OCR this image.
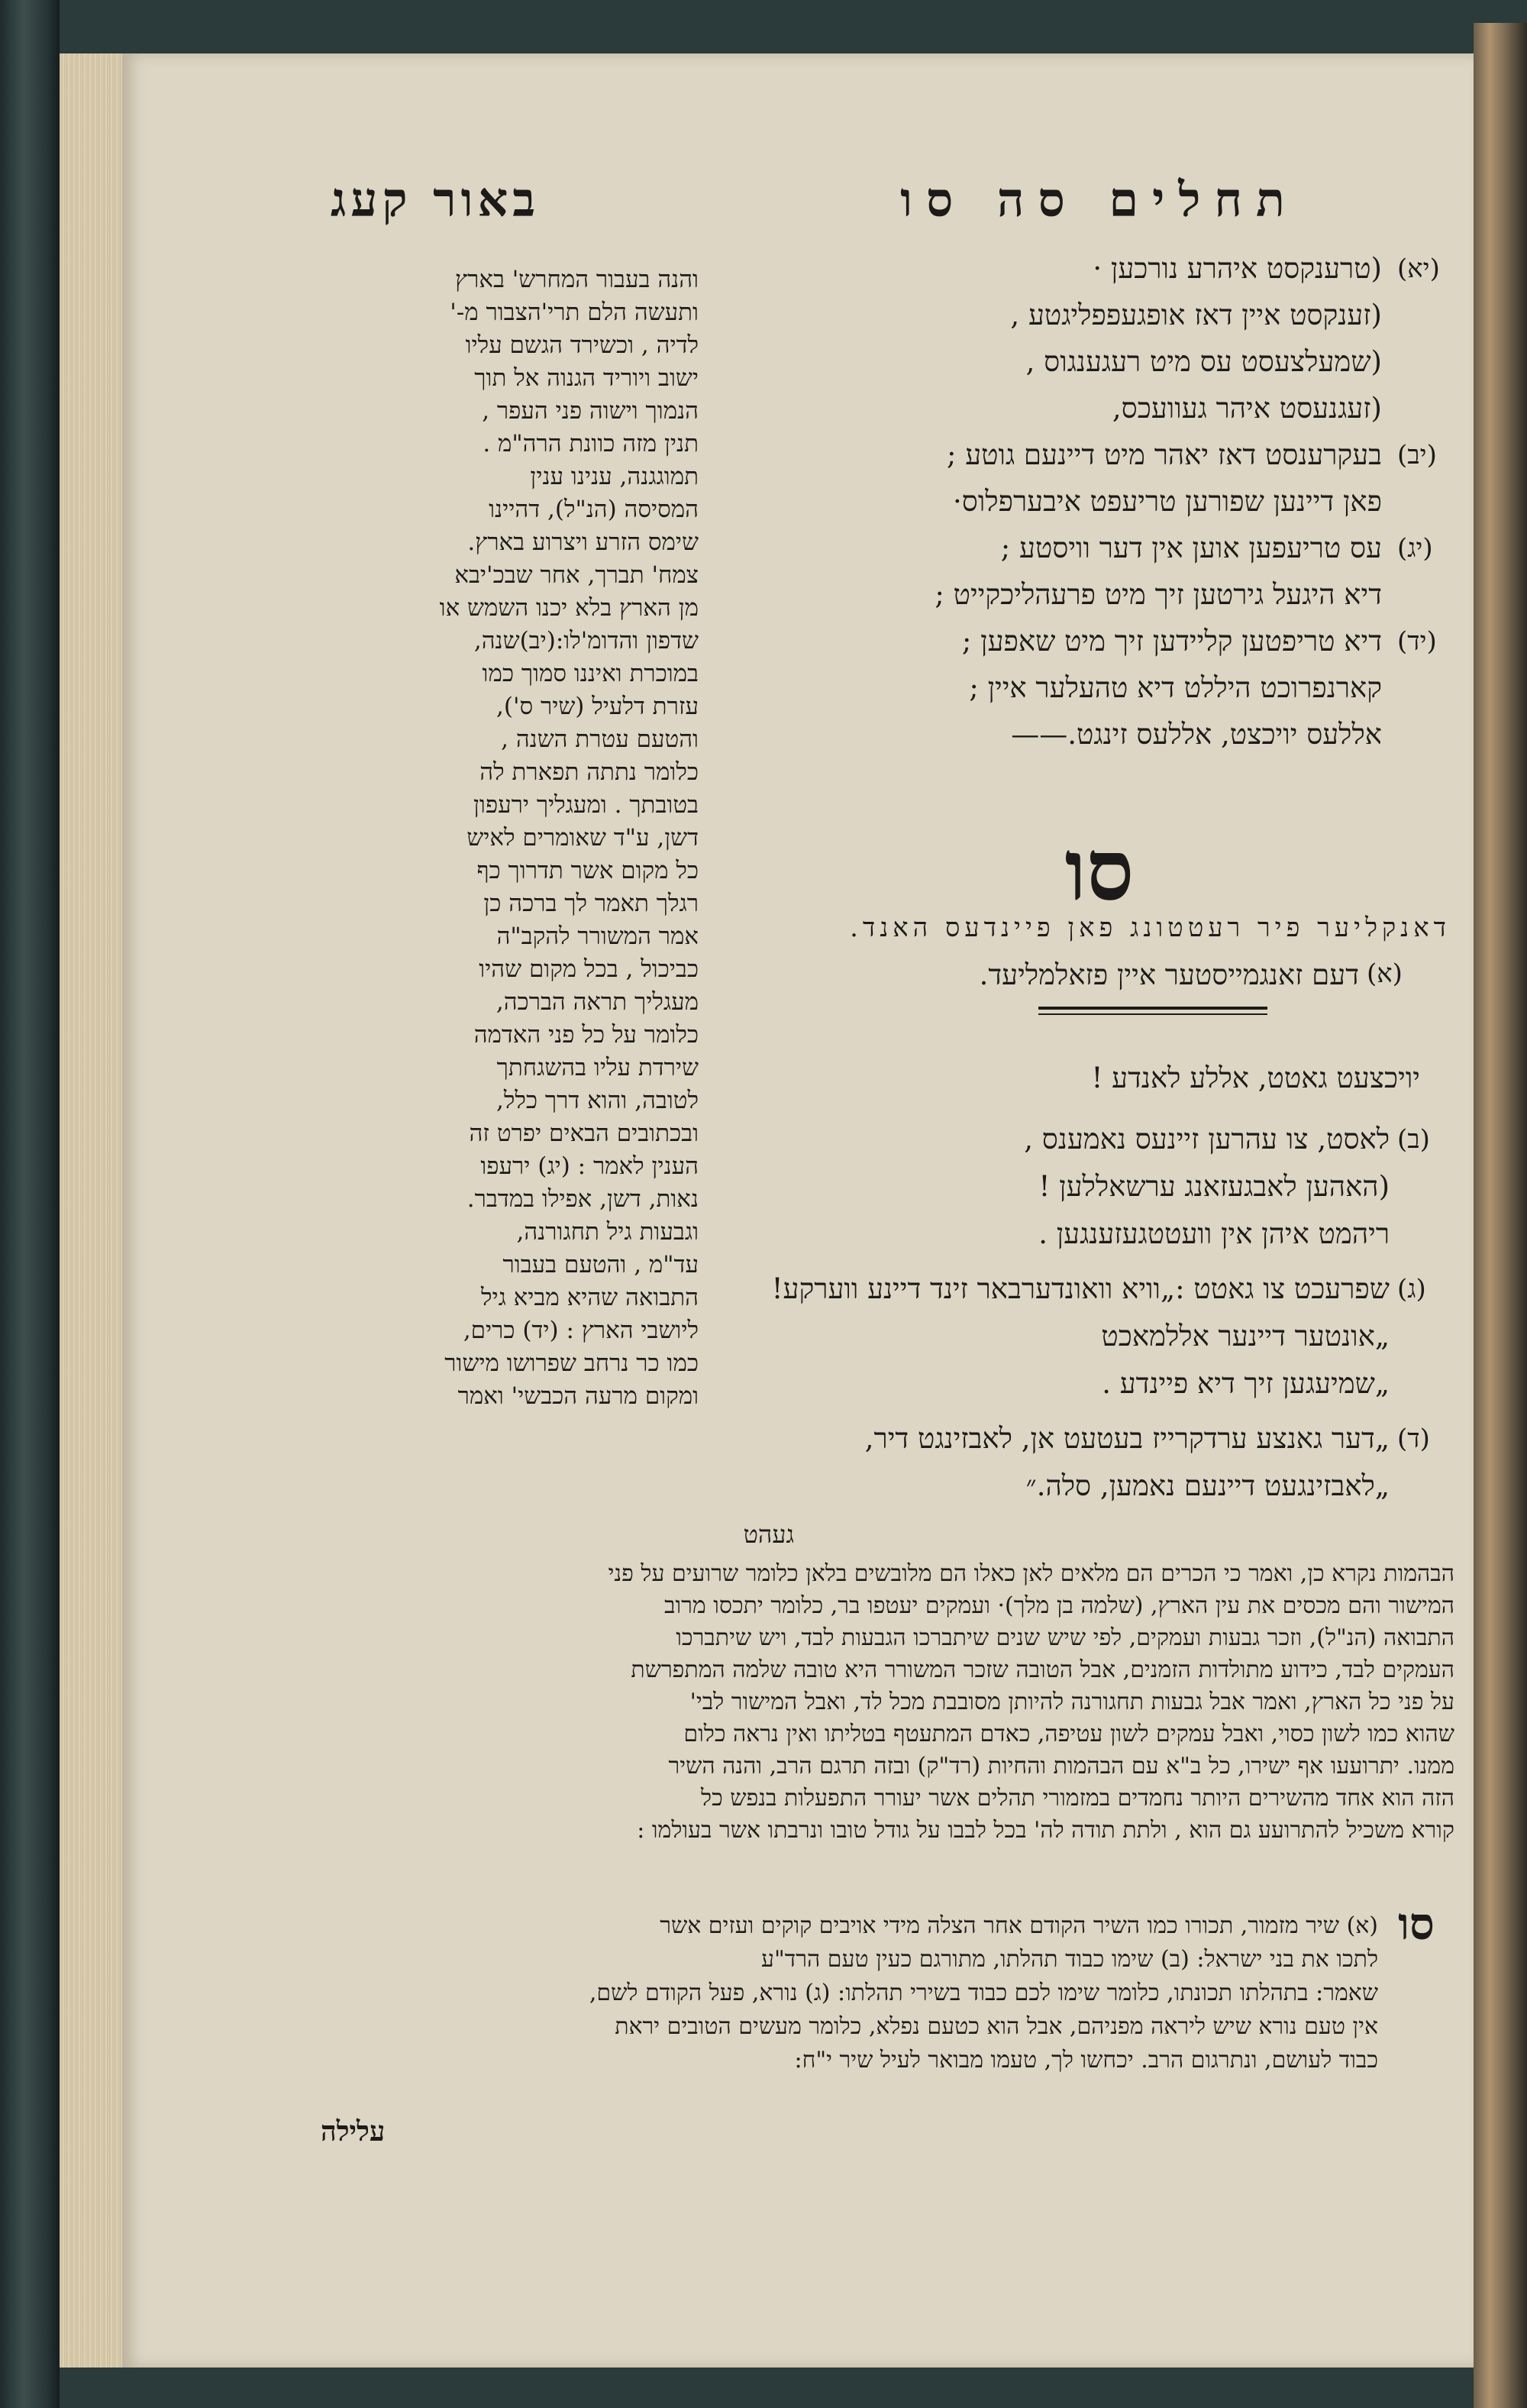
באור קעג	תחלים סה סו
והנה בעבור המחרש' בארץ
ותעשה הלם תרי'הצבור מ-'
לדיה , וכשירד הגשם עליו
ישוב ויוריד הגנוה אל תוך
הנמוך וישוה פני העפר ,
תנין מזה כוונת הרה"מ .
תמוגגנה, ענינו ענין
המסיסה (הנ"ל), דהיינו
שימס הזרע ויצרוע בארץ.
צמח' תברך, אחר שבכ'יבא
מן הארץ בלא יכנו השמש או
שדפון והדומ'לו:(יב)שנה,
במוכרת ואיננו סמוך כמו
עזרת דלעיל (שיר ס'),
והטעם עטרת השנה ,
כלומר נתתה תפארת לה
בטובתך . ומעגליך ירעפון
דשן, ע"ד שאומרים לאיש
כל מקום אשר תדרוך כף
רגלך תאמר לך ברכה כן
אמר המשורר להקב"ה
כביכול , בכל מקום שהיו
מעגליך תראה הברכה,
כלומר על כל פני האדמה
שירדת עליו בהשגחתך
לטובה, והוא דרך כלל,
ובכתובים הבאים יפרט זה
הענין לאמר : (יג) ירעפו
נאות, דשן, אפילו במדבר.
וגבעות גיל תחגורנה,
עד"מ , והטעם בעבור
התבואה שהיא מביא גיל
ליושבי הארץ : (יד) כרים,
כמו כר נרחב שפרושו מישור
ומקום מרעה הכבשי' ואמר
(יא)
(טרענקסט איהרע נורכען ·
(זענקסט איין דאז אופגעפפליגטע ,
(שמעלצעסט עס מיט רעגענגוס ,
(זעגנעסט איהר געוועכס,
(יב)
בעקרענסט דאז יאהר מיט דיינעם גוטע ;
פאן דיינען שפורען טריעפט איבערפלוס·
(יג)
עס טריעפען אוען אין דער וויסטע ;
דיא היגעל גירטען זיך מיט פרעהליכקייט ;
(יד)
דיא טריפטען קליידען זיך מיט שאפען ;
קארנפרוכט היללט דיא טהעלער איין ;
אללעס יויכצט, אללעס זינגט.——
סו
דאנקליער פיר רעטטונג פאן פיינדעס האנד.
(א)
דעם זאנגמייסטער איין פזאלמליעד.
יויכצעט גאטט, אללע לאנדע !
(ב)
לאסט, צו עהרען זיינעס נאמענס ,
(האהען לאבגעזאנג ערשאללען !
ריהמט איהן אין וועטטגעזענגען .
(ג)
שפרעכט צו גאטט :„וויא וואונדערבאר זינד דיינע ווערקע!
„אונטער דיינער אללמאכט
„שמיעגען זיך דיא פיינדע .
(ד)
„דער גאנצע ערדקרייז בעטעט אן, לאבזינגט דיר,
„לאבזינגעט דיינעם נאמען, סלה.״
געהט
הבהמות נקרא כן, ואמר כי הכרים הם מלאים לאן כאלו הם מלובשים בלאן כלומר שרועים על פני
המישור והם מכסים את עין הארץ, (שלמה בן מלך)· ועמקים יעטפו בר, כלומר יתכסו מרוב
התבואה (הנ"ל), וזכר גבעות ועמקים, לפי שיש שנים שיתברכו הגבעות לבד, ויש שיתברכו
העמקים לבד, כידוע מתולדות הזמנים, אבל הטובה שזכר המשורר היא טובה שלמה המתפרשת
על פני כל הארץ, ואמר אבל גבעות תחגורנה להיותן מסובבת מכל לד, ואבל המישור לבי'
שהוא כמו לשון כסוי, ואבל עמקים לשון עטיפה, כאדם המתעטף בטליתו ואין נראה כלום
ממנו. יתרועעו אף ישירו, כל ב"א עם הבהמות והחיות (רד"ק) ובזה תרגם הרב, והנה השיר
הזה הוא אחד מהשירים היותר נחמדים במזמורי תהלים אשר יעורר התפעלות בנפש כל
קורא משכיל להתרועע גם הוא , ולתת תודה לה' בכל לבבו על גודל טובו ונרבתו אשר בעולמו :
סו
(א) שיר מזמור, תכורו כמו השיר הקודם אחר הצלה מידי אויבים קוקים ועזים אשר
לתכו את בני ישראל: (ב) שימו כבוד תהלתו, מתורגם כעין טעם הרד"ע
שאמר: בתהלתו תכונתו, כלומר שימו לכם כבוד בשירי תהלתו: (ג) נורא, פעל הקודם לשם,
אין טעם נורא שיש ליראה מפניהם, אבל הוא כטעם נפלא, כלומר מעשים הטובים יראת
כבוד לעושם, ונתרגום הרב. יכחשו לך, טעמו מבואר לעיל שיר י"ח:
עלילה
